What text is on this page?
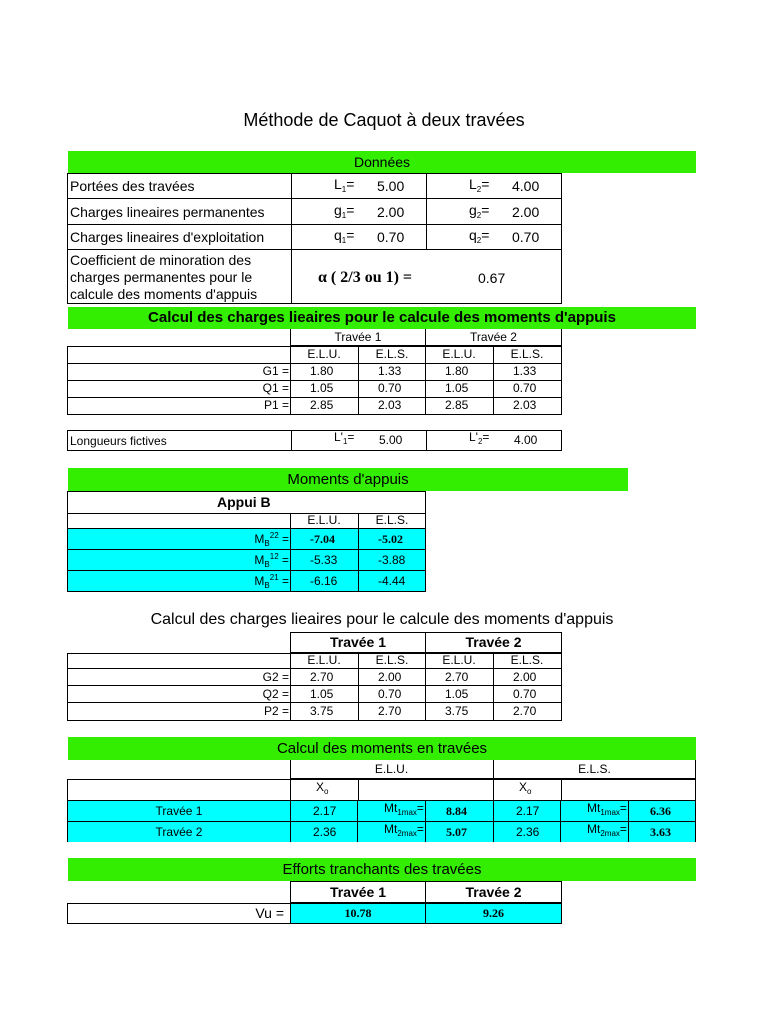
Méthode de Caquot à deux travées
Données
Portées des travées	$L_1= 5.00$	$L_2= 4.00$
Charges lineaires permanentes	$g_1= 2.00$	$g_2= 2.00$
Charges lineaires d'exploitation	$q_1= 0.70$	$q_2= 0.70$
Coefficient de minoration des
charges permanentes pour le
calcule des moments d'appuis
α ( 2/3 ou 1) =	0.67
Calcul des charges lieaires pour le calcule des moments d'appuis
Travée 1	Travée 2
E.L.U.	E.L.S.	E.L.U.	E.L.S.
G1 = 1.80	1.33	1.80	1.33
Q1 = 1.05	0.70	1.05	0.70
P1 = 2.85	2.03	2.85	2.03
Longueurs fictives	$L'_1= 5.00$	$L'_2= 4.00$
Moments d'appuis
Appui B
E.L.U.	E.L.S.
$M_B^{22} = -7.04$	-5.02
$M_B^{12} = -5.33$	-3.88
$M_B^{21} = -6.16$	-4.44
Calcul des charges lieaires pour le calcule des moments d'appuis
Travée 1	Travée 2
E.L.U.	E.L.S.	E.L.U.	E.L.S.
G2 = 2.70	2.00	2.70	2.00
Q2 = 1.05	0.70	1.05	0.70
P2 = 3.75	2.70	3.75	2.70
Calcul des moments en travées
E.L.U.	E.L.S.
$X_o$	$X_o$
Travée 1	2.17	$Mt_{1max}= 8.84$	2.17	$Mt_{1max}= 6.36$
Travée 2	2.36	$Mt_{2max}= 5.07$	2.36	$Mt_{2max}= 3.63$
Efforts tranchants des travées
Travée 1	Travée 2
Vu =	10.78	9.26
